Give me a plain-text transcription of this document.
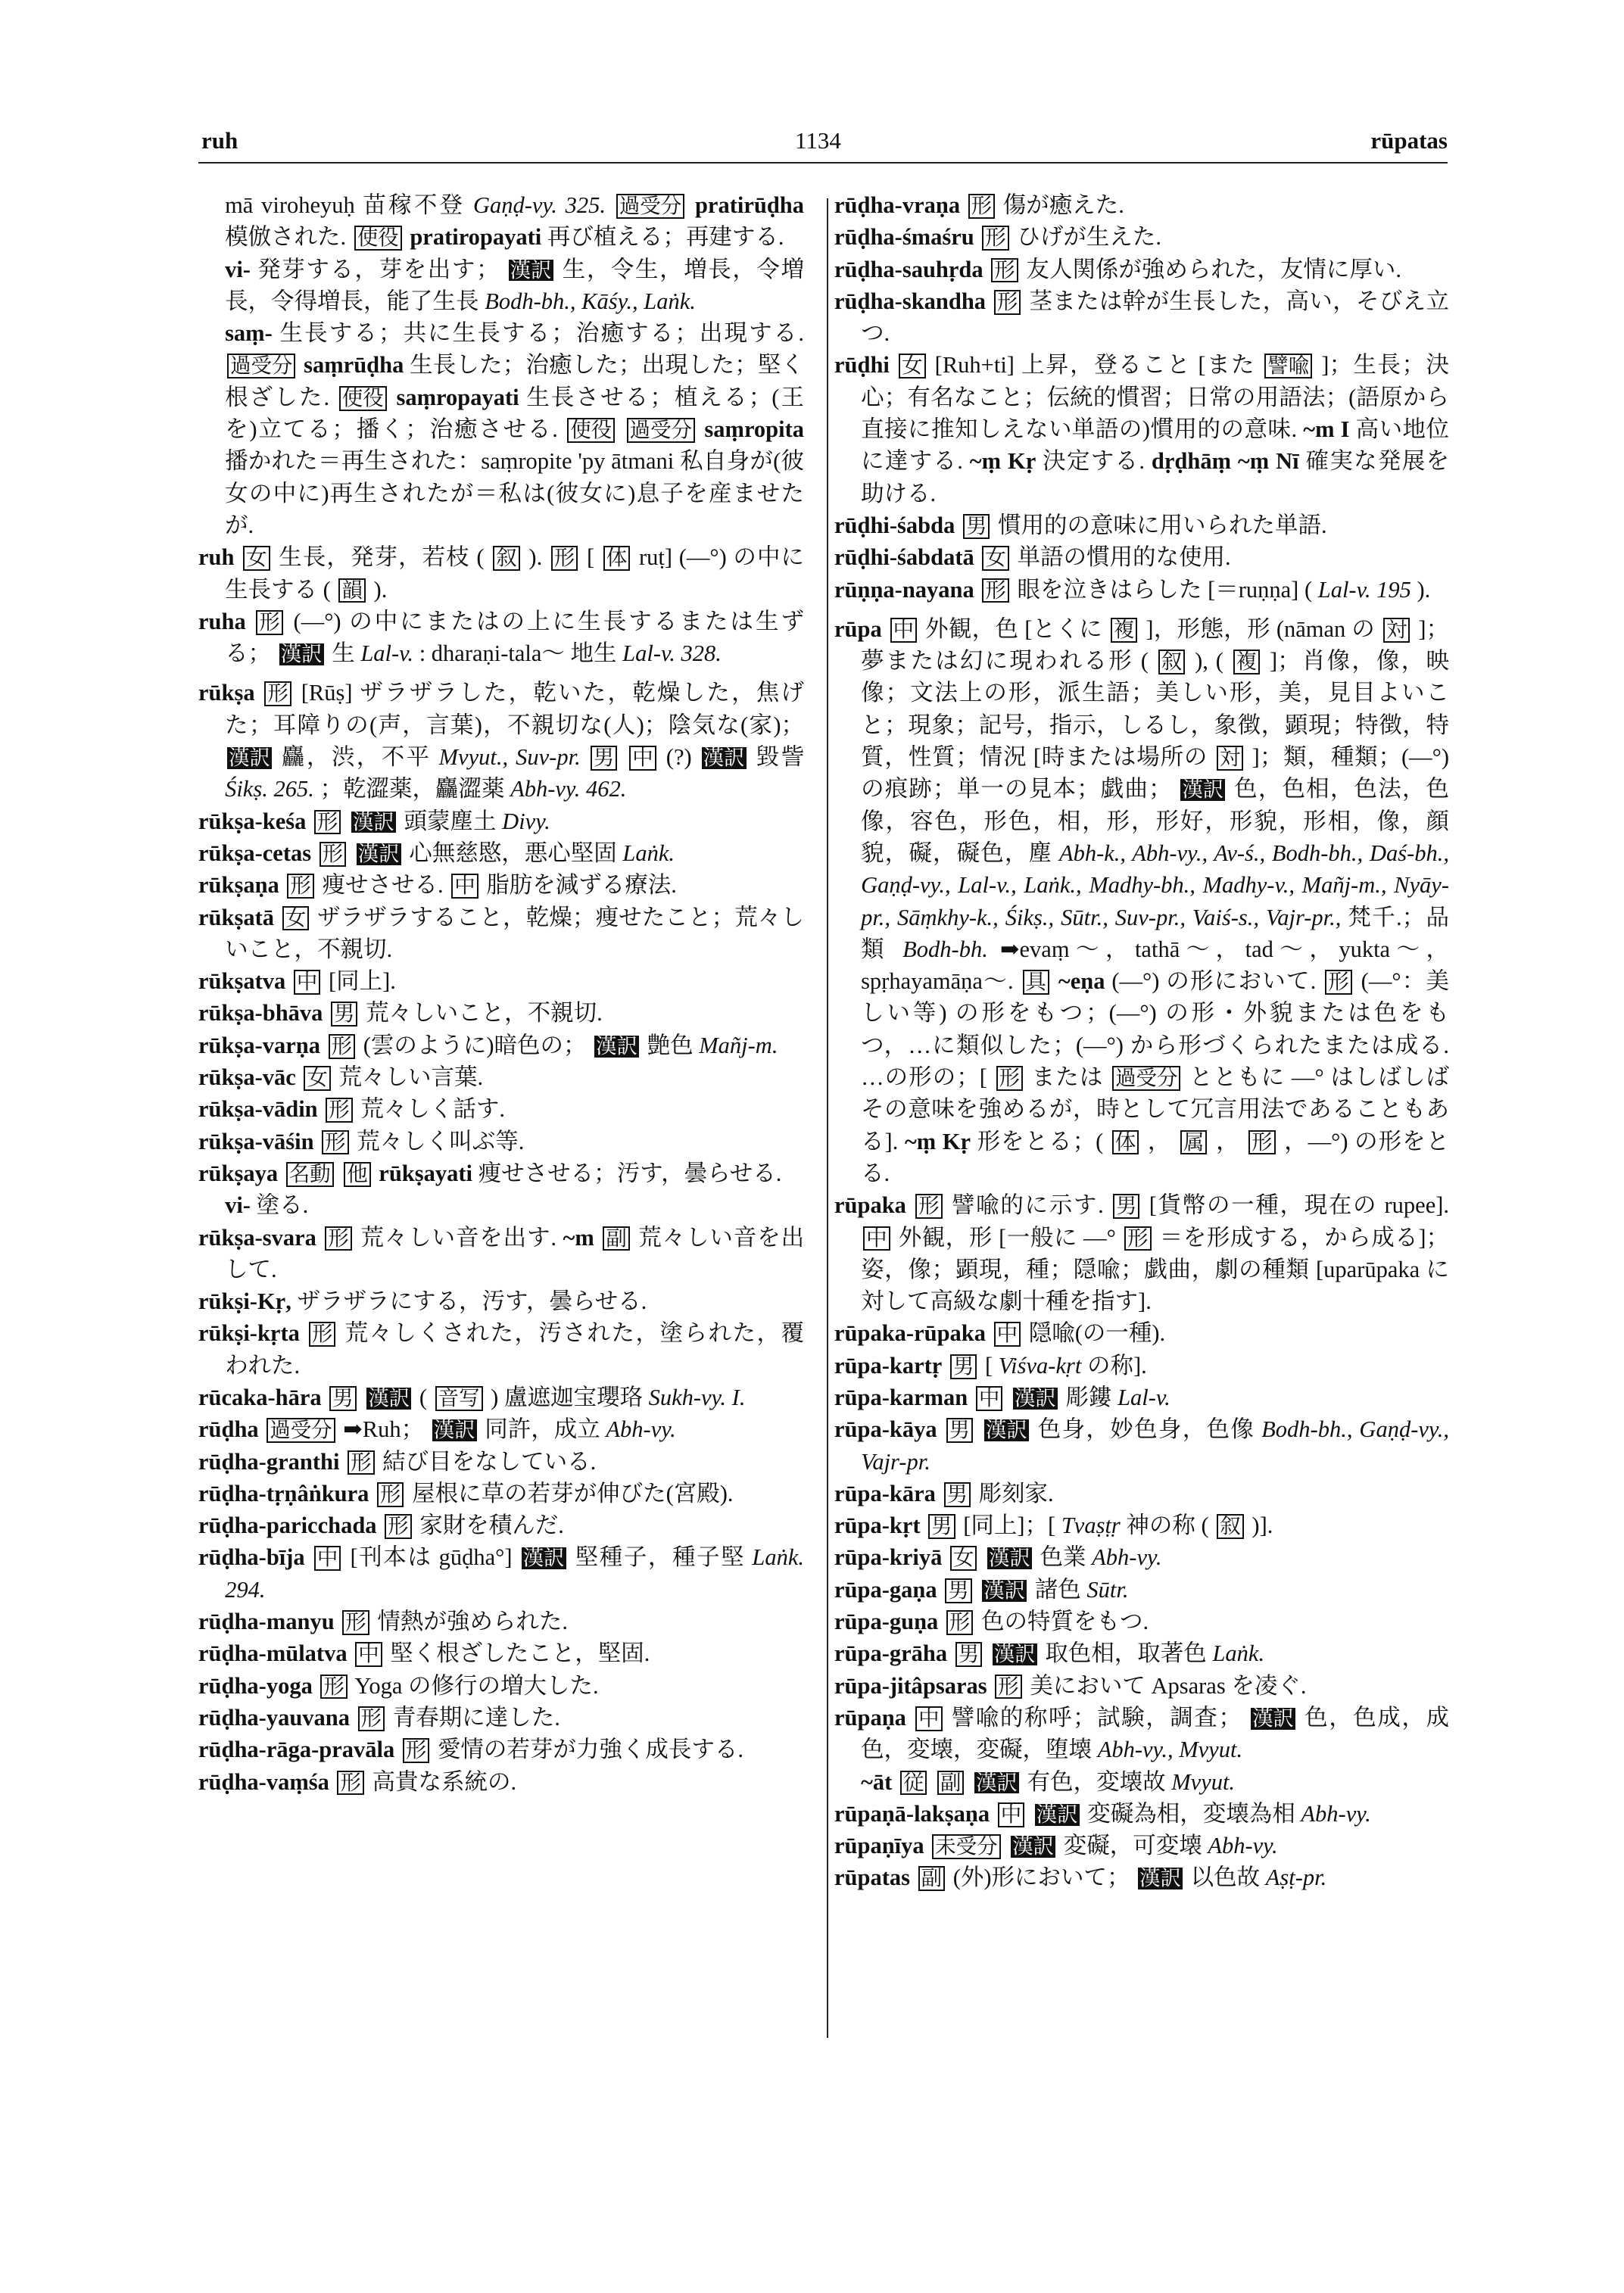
ruh	1134	rūpatas
mā viroheyuḥ 苗稼不登 Gaṇḍ-vy. 325. 過受分 pratirūḍha 模倣された. 使役 pratiropayati 再び植える；再建する.
vi- 発芽する，芽を出す； 漢訳 生，令生，増長，令増長，令得増長，能了生長 Bodh-bh., Kāśy., Laṅk.
saṃ- 生長する；共に生長する；治癒する；出現する. 過受分 saṃrūḍha 生長した；治癒した；出現した；堅く根ざした. 使役 saṃropayati 生長させる；植える；(王を)立てる；播く；治癒させる. 使役 過受分 saṃropita 播かれた＝再生された：saṃropite 'py ātmani 私自身が(彼女の中に)再生されたが＝私は(彼女に)息子を産ませたが.
ruh 女 生長，発芽，若枝 ( 叙 ). 形 [ 体 ruṭ] (—°) の中に生長する ( 韻 ).
ruha 形 (—°) の中にまたはの上に生長するまたは生ずる； 漢訳 生 Lal-v. : dharaṇi-tala〜 地生 Lal-v. 328.
rūkṣa 形 [Rūṣ] ザラザラした，乾いた，乾燥した，焦げた；耳障りの(声，言葉)，不親切な(人)；陰気な(家)； 漢訳 麤，渋，不平 Mvyut., Suv-pr. 男 中 (?) 漢訳 毀訾 Śikṣ. 265. ；乾澀薬，麤澀薬 Abh-vy. 462.
rūkṣa-keśa 形 漢訳 頭蒙塵土 Divy.
rūkṣa-cetas 形 漢訳 心無慈愍，悪心堅固 Laṅk.
rūkṣaṇa 形 痩せさせる. 中 脂肪を減ずる療法.
rūkṣatā 女 ザラザラすること，乾燥；痩せたこと；荒々しいこと，不親切.
rūkṣatva 中 [同上].
rūkṣa-bhāva 男 荒々しいこと，不親切.
rūkṣa-varṇa 形 (雲のように)暗色の； 漢訳 艶色 Mañj-m.
rūkṣa-vāc 女 荒々しい言葉.
rūkṣa-vādin 形 荒々しく話す.
rūkṣa-vāśin 形 荒々しく叫ぶ等.
rūkṣaya 名動 他 rūkṣayati 痩せさせる；汚す，曇らせる.
vi- 塗る.
rūkṣa-svara 形 荒々しい音を出す. ~m 副 荒々しい音を出して.
rūkṣi-Kṛ, ザラザラにする，汚す，曇らせる.
rūkṣi-kṛta 形 荒々しくされた，汚された，塗られた，覆われた.
rūcaka-hāra 男 漢訳 ( 音写 ) 盧遮迦宝瓔珞 Sukh-vy. I.
rūḍha 過受分 ➡Ruh； 漢訳 同許，成立 Abh-vy.
rūḍha-granthi 形 結び目をなしている.
rūḍha-tṛṇâṅkura 形 屋根に草の若芽が伸びた(宮殿).
rūḍha-paricchada 形 家財を積んだ.
rūḍha-bīja 中 [刊本は gūḍha°] 漢訳 堅種子，種子堅 Laṅk. 294.
rūḍha-manyu 形 情熱が強められた.
rūḍha-mūlatva 中 堅く根ざしたこと，堅固.
rūḍha-yoga 形 Yoga の修行の増大した.
rūḍha-yauvana 形 青春期に達した.
rūḍha-rāga-pravāla 形 愛情の若芽が力強く成長する.
rūḍha-vaṃśa 形 高貴な系統の.
rūḍha-vraṇa 形 傷が癒えた.
rūḍha-śmaśru 形 ひげが生えた.
rūḍha-sauhṛda 形 友人関係が強められた，友情に厚い.
rūḍha-skandha 形 茎または幹が生長した，高い，そびえ立つ.
rūḍhi 女 [Ruh+ti] 上昇，登ること [また 譬喩 ]；生長；決心；有名なこと；伝統的慣習；日常の用語法；(語原から直接に推知しえない単語の)慣用的の意味. ~m I 高い地位に達する. ~ṃ Kṛ 決定する. dṛḍhāṃ ~ṃ Nī 確実な発展を助ける.
rūḍhi-śabda 男 慣用的の意味に用いられた単語.
rūḍhi-śabdatā 女 単語の慣用的な使用.
rūṇṇa-nayana 形 眼を泣きはらした [＝ruṇṇa] ( Lal-v. 195 ).
rūpa 中 外観，色 [とくに 複 ]，形態，形 (nāman の 対 ]；夢または幻に現われる形 ( 叙 ), ( 複 ]；肖像，像，映像；文法上の形，派生語；美しい形，美，見目よいこと；現象；記号，指示，しるし，象徴，顕現；特徴，特質，性質；情況 [時または場所の 対 ]；類，種類；(—°) の痕跡；単一の見本；戯曲； 漢訳 色，色相，色法，色像，容色，形色，相，形，形好，形貌，形相，像，顔貌，礙，礙色，塵 Abh-k., Abh-vy., Av-ś., Bodh-bh., Daś-bh., Gaṇḍ-vy., Lal-v., Laṅk., Madhy-bh., Madhy-v., Mañj-m., Nyāy-pr., Sāṃkhy-k., Śikṣ., Sūtr., Suv-pr., Vaiś-s., Vajr-pr., 梵千.；品類 Bodh-bh. ➡evaṃ〜，tathā〜，tad〜，yukta〜，spṛhayamāṇa〜. 具 ~eṇa (—°) の形において. 形 (—°：美しい等) の形をもつ；(—°) の形・外貌または色をもつ，…に類似した；(—°) から形づくられたまたは成る. …の形の；[ 形 または 過受分 とともに —° はしばしばその意味を強めるが，時として冗言用法であることもある]. ~ṃ Kṛ 形をとる；( 体 ， 属 ， 形 ，—°) の形をとる.
rūpaka 形 譬喩的に示す. 男 [貨幣の一種，現在の rupee]. 中 外観，形 [一般に —° 形 ＝を形成する，から成る]；姿，像；顕現，種；隠喩；戯曲，劇の種類 [uparūpaka に対して高級な劇十種を指す].
rūpaka-rūpaka 中 隠喩(の一種).
rūpa-kartṛ 男 [ Viśva-kṛt の称].
rūpa-karman 中 漢訳 彫鏤 Lal-v.
rūpa-kāya 男 漢訳 色身，妙色身，色像 Bodh-bh., Gaṇḍ-vy., Vajr-pr.
rūpa-kāra 男 彫刻家.
rūpa-kṛt 男 [同上]；[ Tvaṣṭṛ 神の称 ( 叙 )].
rūpa-kriyā 女 漢訳 色業 Abh-vy.
rūpa-gaṇa 男 漢訳 諸色 Sūtr.
rūpa-guṇa 形 色の特質をもつ.
rūpa-grāha 男 漢訳 取色相，取著色 Laṅk.
rūpa-jitâpsaras 形 美において Apsaras を凌ぐ.
rūpaṇa 中 譬喩的称呼；試験，調査； 漢訳 色，色成，成色，変壊，変礙，堕壊 Abh-vy., Mvyut.
~āt 従 副 漢訳 有色，変壊故 Mvyut.
rūpaṇā-lakṣaṇa 中 漢訳 変礙為相，変壊為相 Abh-vy.
rūpaṇīya 未受分 漢訳 変礙，可変壊 Abh-vy.
rūpatas 副 (外)形において； 漢訳 以色故 Aṣṭ-pr.
